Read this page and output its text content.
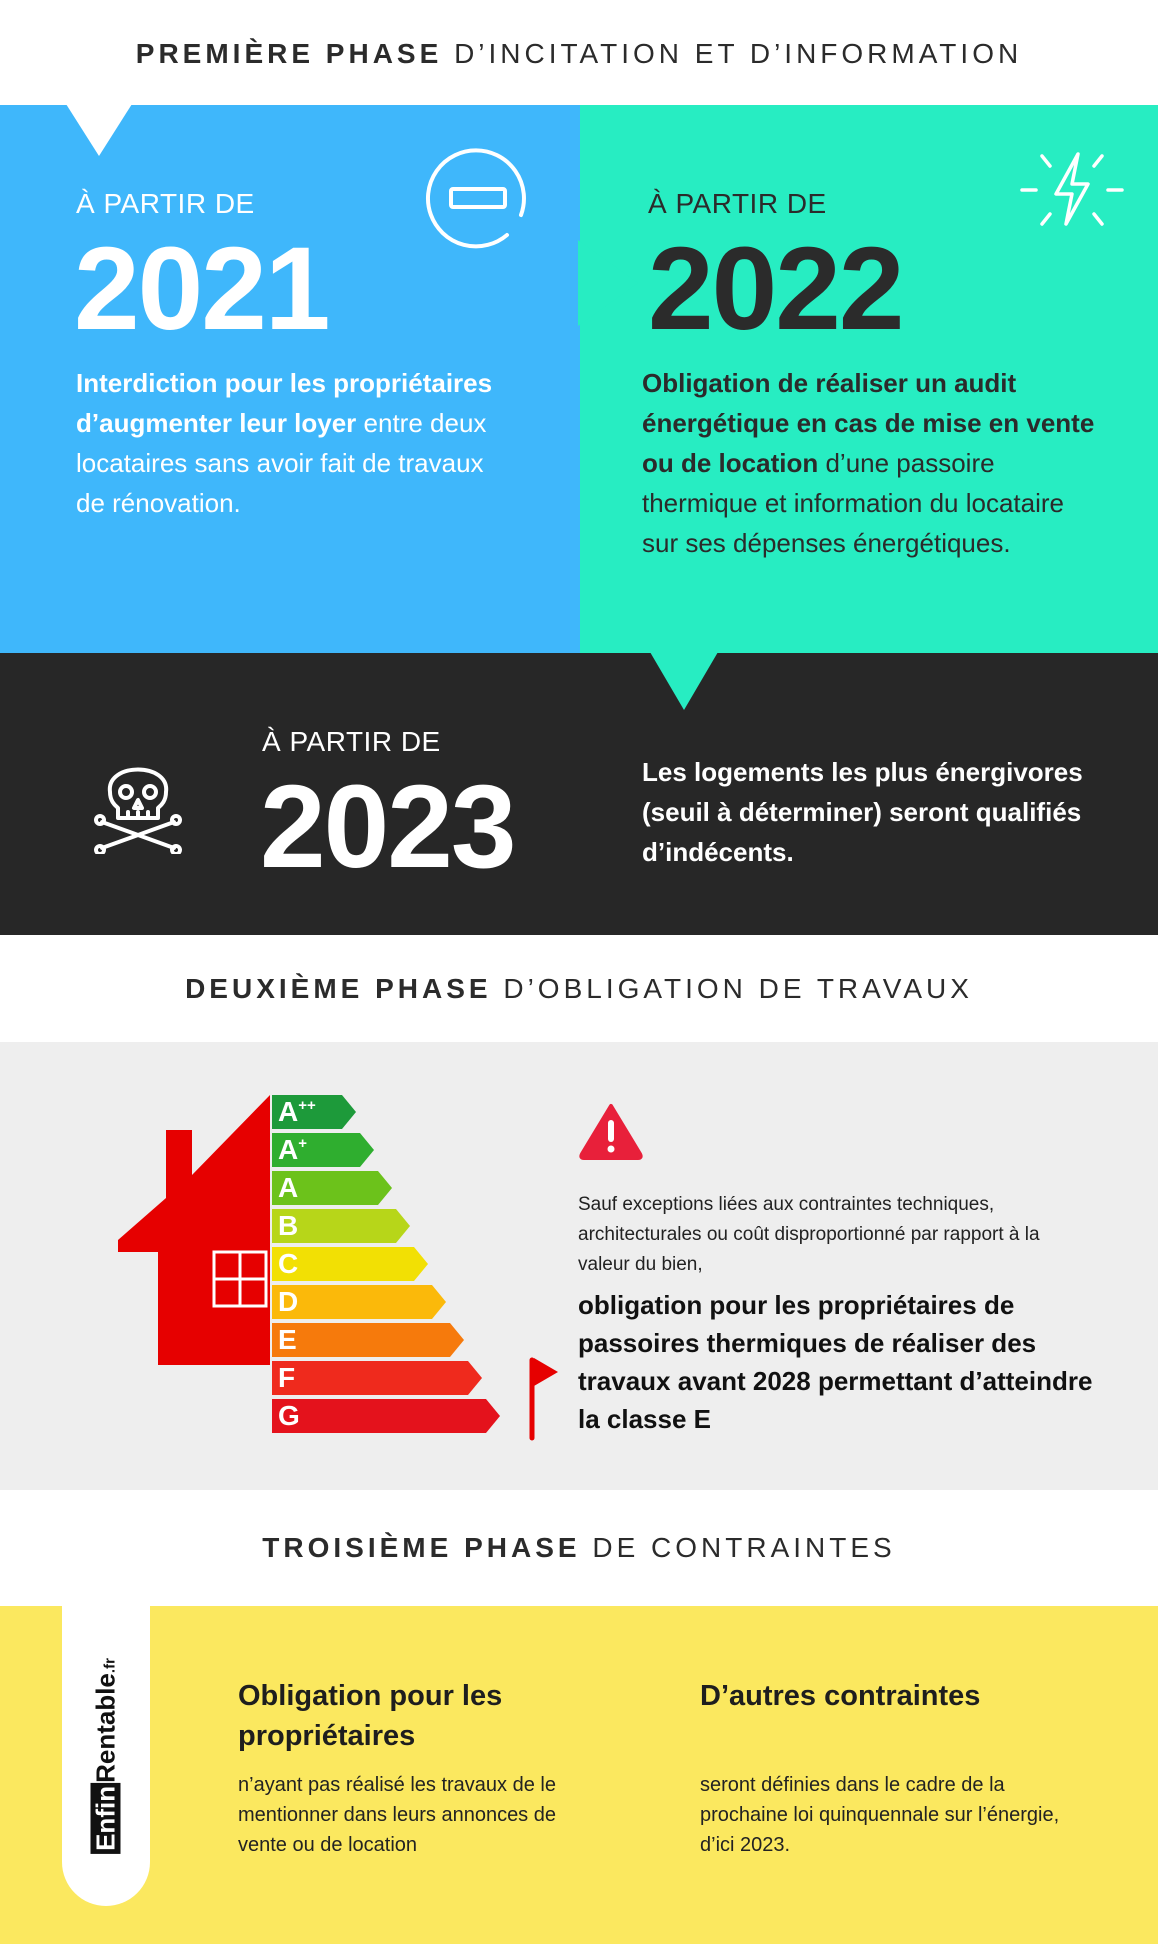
PREMIÈRE PHASE D’INCITATION ET D’INFORMATION
À PARTIR DE
2021
Interdiction pour les propriétaires d’augmenter leur loyer entre deux locataires sans avoir fait de travaux de rénovation.
À PARTIR DE
2022
Obligation de réaliser un audit énergétique en cas de mise en vente ou de location d’une passoire thermique et information du locataire sur ses dépenses énergétiques.
À PARTIR DE
2023	Les logements les plus énergivores (seuil à déterminer) seront qualifiés d’indécents.
DEUXIÈME PHASE D’OBLIGATION DE TRAVAUX
A++
A+
A
B
C
D
E
F
G
Sauf exceptions liées aux contraintes techniques, architecturales ou coût disproportionné par rapport à la valeur du bien,
obligation pour les propriétaires de passoires thermiques de réaliser des travaux avant 2028 permettant d’atteindre la classe E
TROISIÈME PHASE DE CONTRAINTES
EnfinRentable.fr
Obligation pour les propriétaires
n’ayant pas réalisé les travaux de le mentionner dans leurs annonces de vente ou de location
D’autres contraintes
seront définies dans le cadre de la prochaine loi quinquennale sur l’énergie, d’ici 2023.
